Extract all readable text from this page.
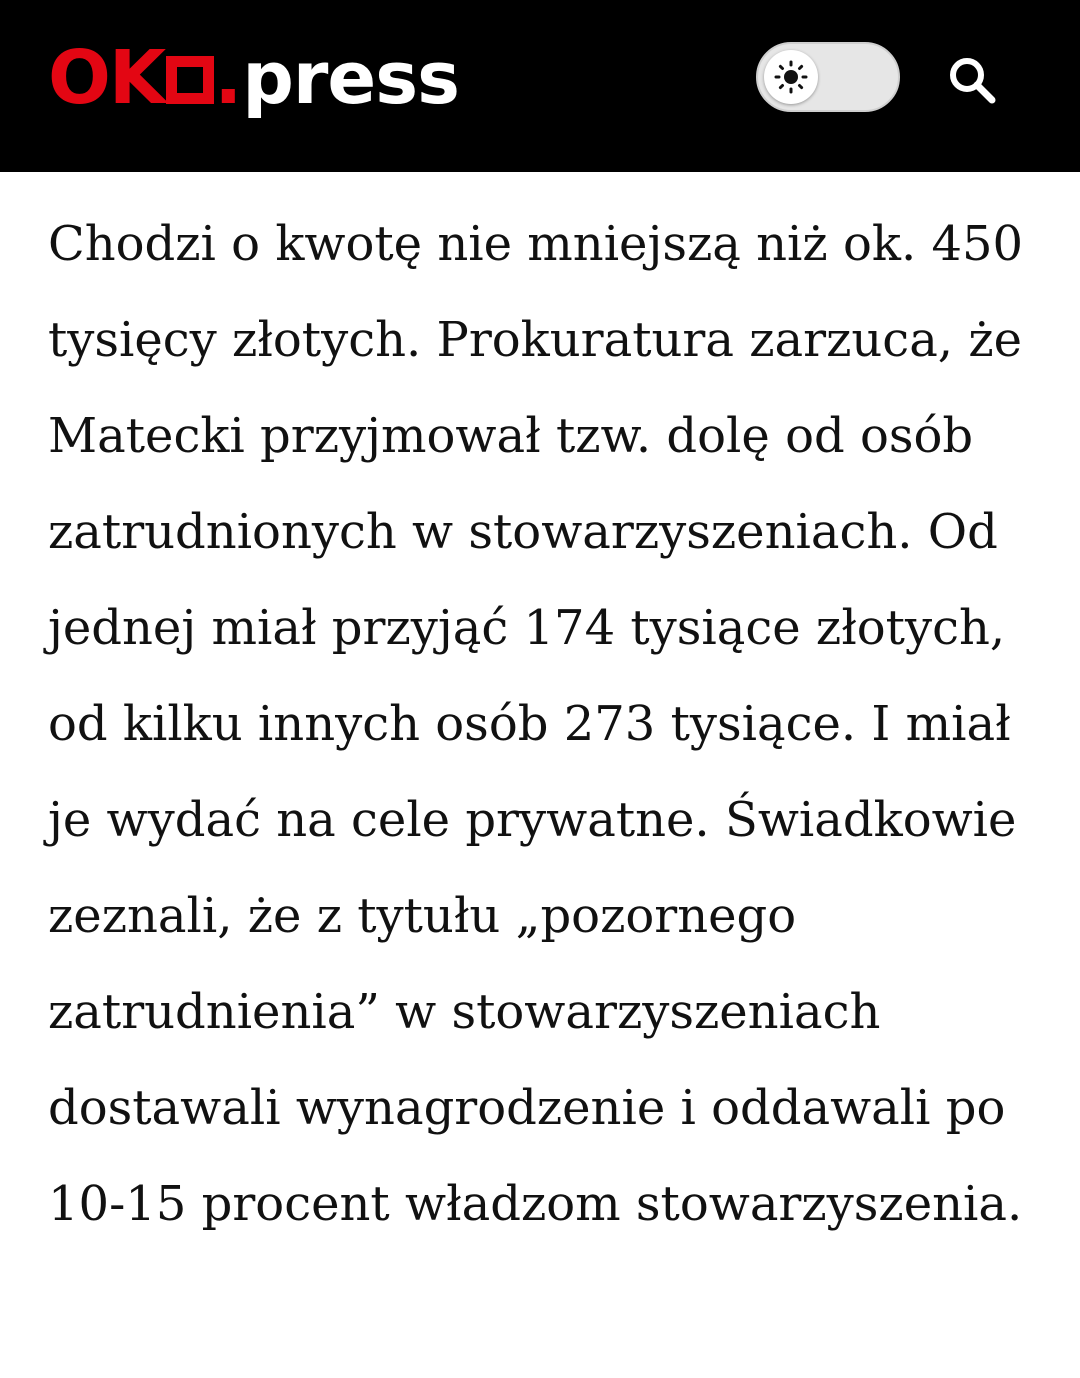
OK . press

Chodzi o kwotę nie mniejszą niż ok. 450 tysięcy złotych. Prokuratura zarzuca, że Matecki przyjmował tzw. dolę od osób zatrudnionych w stowarzyszeniach. Od jednej miał przyjąć 174 tysiące złotych, od kilku innych osób 273 tysiące. I miał je wydać na cele prywatne. Świadkowie zeznali, że z tytułu „pozornego zatrudnienia” w stowarzyszeniach dostawali wynagrodzenie i oddawali po 10-15 procent władzom stowarzyszenia.
